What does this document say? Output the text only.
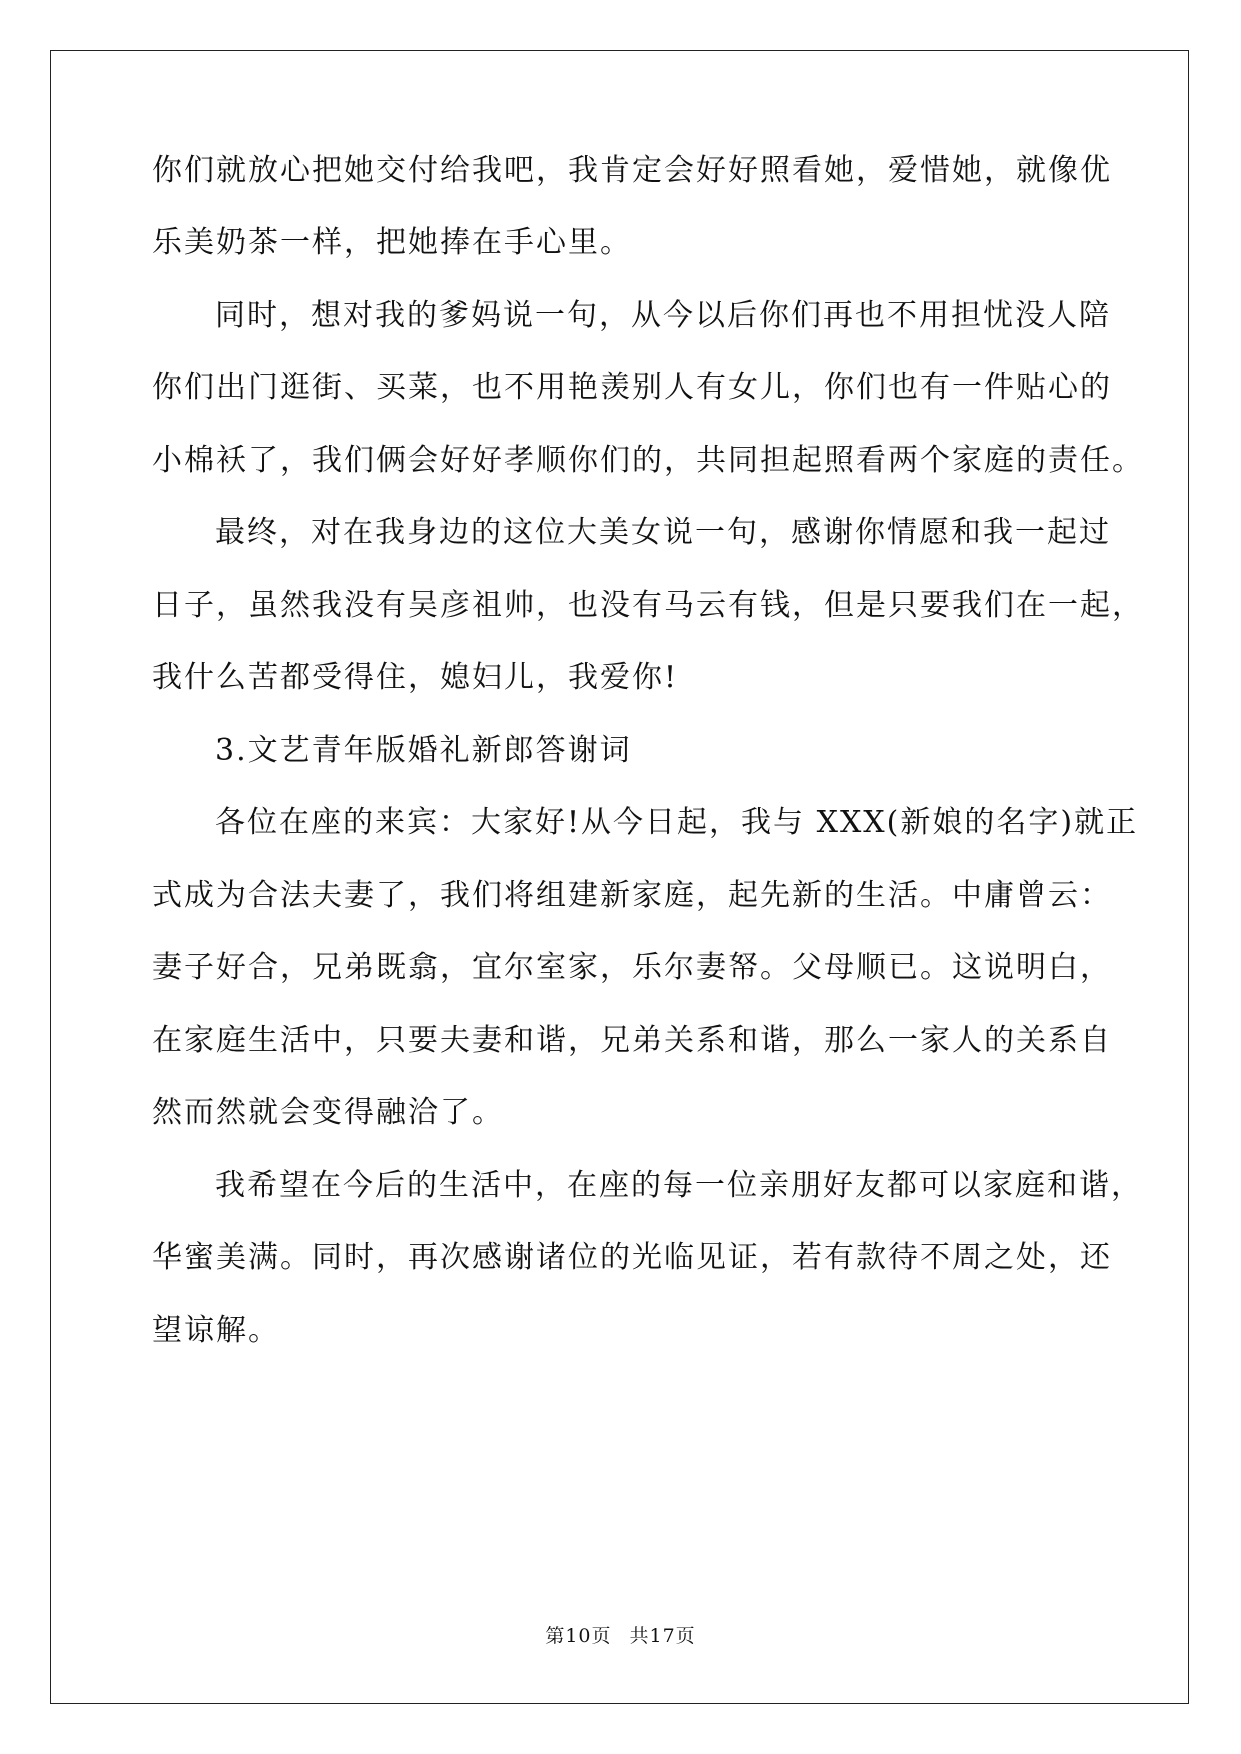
你们就放心把她交付给我吧，我肯定会好好照看她，爱惜她，就像优
乐美奶茶一样，把她捧在手心里。
同时，想对我的爹妈说一句，从今以后你们再也不用担忧没人陪
你们出门逛街、买菜，也不用艳羡别人有女儿，你们也有一件贴心的
小棉袄了，我们俩会好好孝顺你们的，共同担起照看两个家庭的责任。
最终，对在我身边的这位大美女说一句，感谢你情愿和我一起过
日子，虽然我没有吴彦祖帅，也没有马云有钱，但是只要我们在一起，
我什么苦都受得住，媳妇儿，我爱你!
3.文艺青年版婚礼新郎答谢词
各位在座的来宾：大家好!从今日起，我与 XXX(新娘的名字)就正
式成为合法夫妻了，我们将组建新家庭，起先新的生活。中庸曾云：
妻子好合，兄弟既翕，宜尔室家，乐尔妻帑。父母顺已。这说明白，
在家庭生活中，只要夫妻和谐，兄弟关系和谐，那么一家人的关系自
然而然就会变得融洽了。
我希望在今后的生活中，在座的每一位亲朋好友都可以家庭和谐，
华蜜美满。同时，再次感谢诸位的光临见证，若有款待不周之处，还
望谅解。
第10页 共17页
